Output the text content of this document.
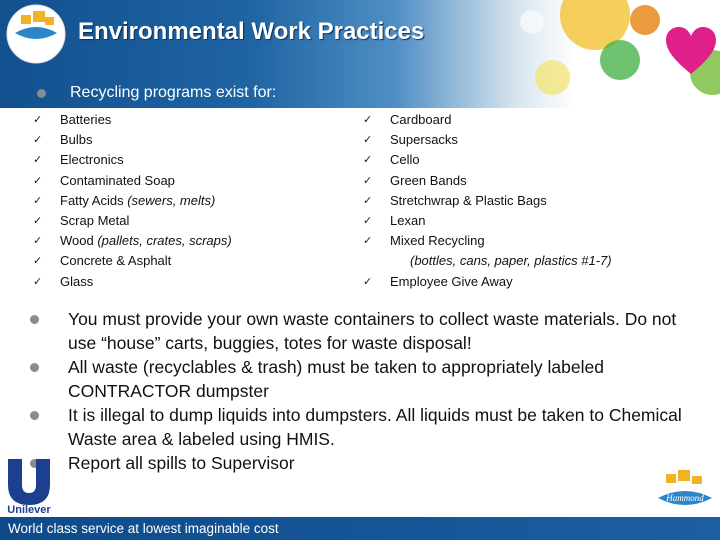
Environmental Work Practices
Recycling programs exist for:
✓	Batteries
✓	Bulbs
✓	Electronics
✓	Contaminated Soap
✓	Fatty Acids (sewers, melts)
✓	Scrap Metal
✓	Wood (pallets, crates, scraps)
✓	Concrete & Asphalt
✓	Glass
✓	Cardboard
✓	Supersacks
✓	Cello
✓	Green Bands
✓	Stretchwrap & Plastic Bags
✓	Lexan
✓	Mixed Recycling
(bottles, cans, paper, plastics #1-7)
✓	Employee Give Away
You must provide your own waste containers to collect waste materials. Do not use “house” carts, buggies, totes for waste disposal!
All waste (recyclables & trash) must be taken to appropriately labeled CONTRACTOR dumpster
It is illegal to dump liquids into dumpsters. All liquids must be taken to Chemical Waste area & labeled using HMIS.
Report all spills to Supervisor
Unilever
Hammond
World class service at lowest imaginable cost
